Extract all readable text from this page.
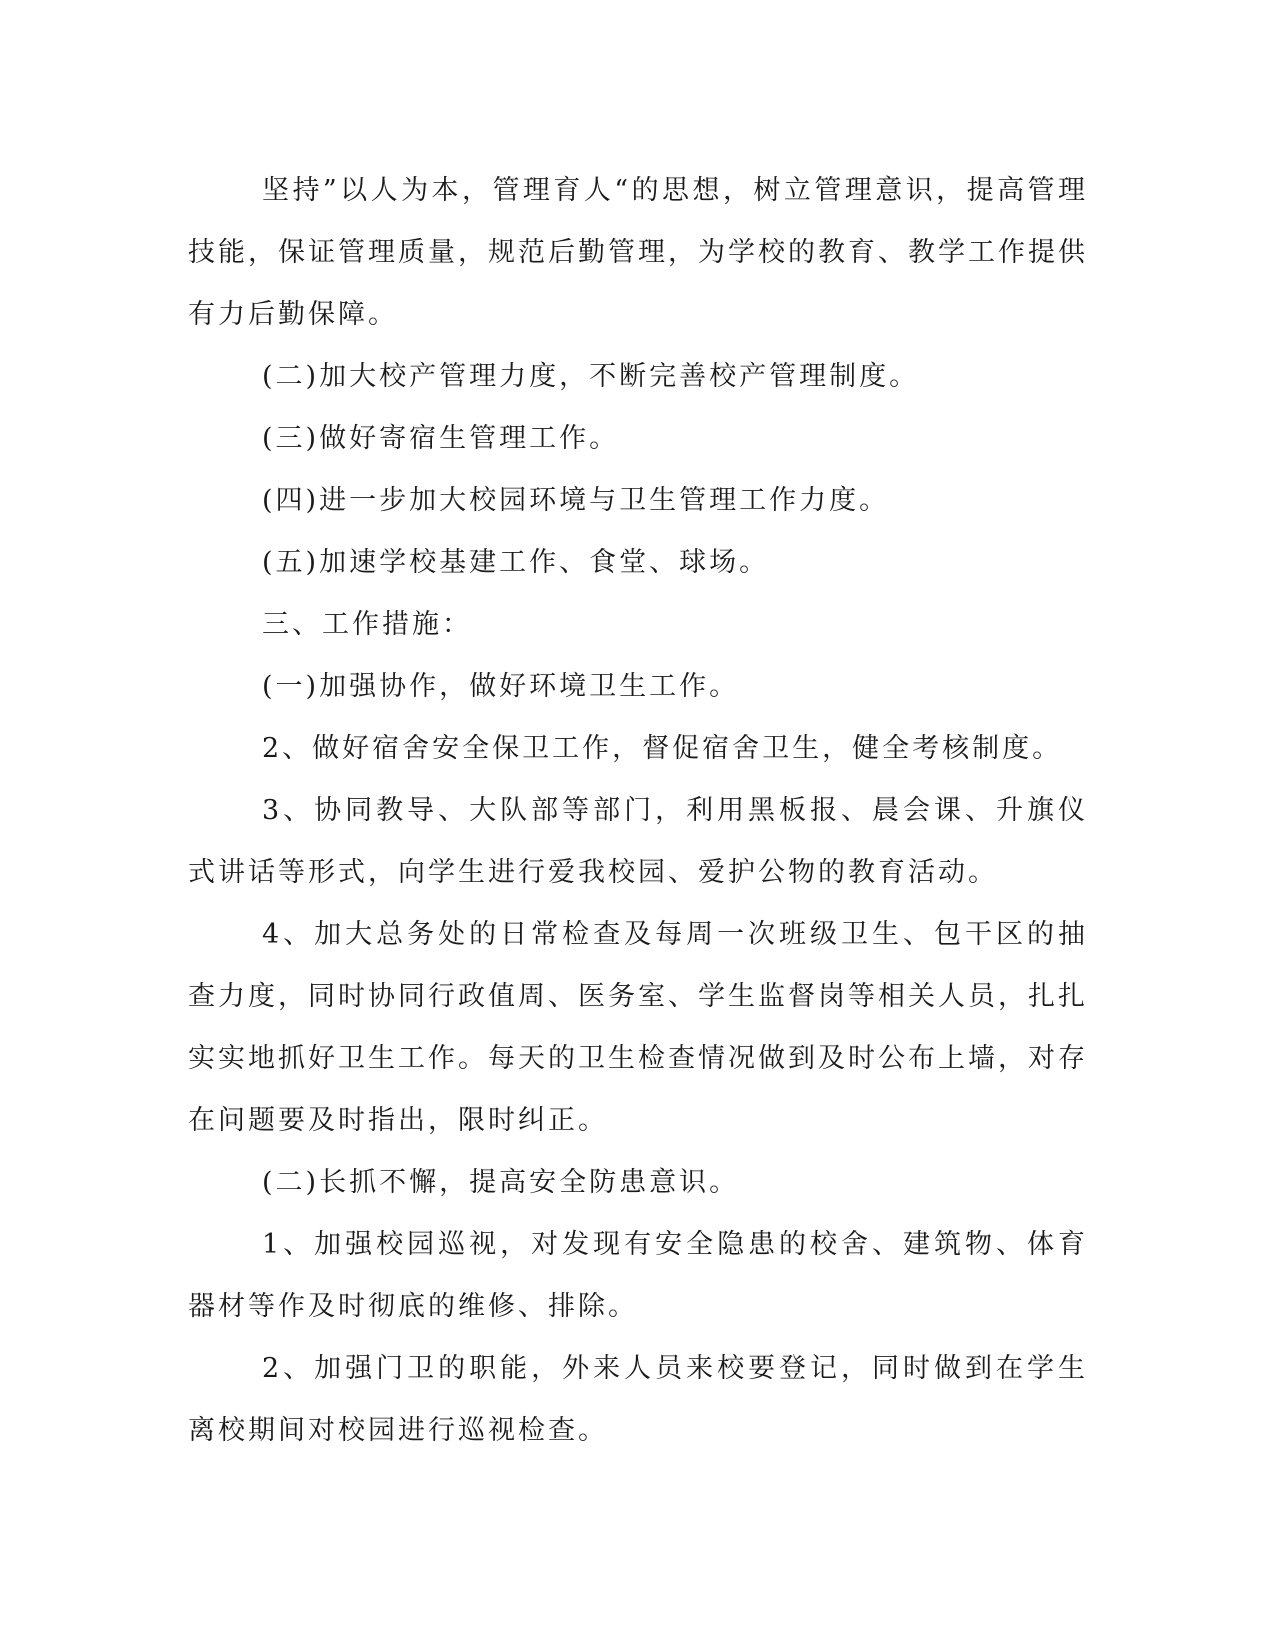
坚持”以人为本，管理育人“的思想，树立管理意识，提高管理技能，保证管理质量，规范后勤管理，为学校的教育、教学工作提供有力后勤保障。

(二)加大校产管理力度，不断完善校产管理制度。

(三)做好寄宿生管理工作。

(四)进一步加大校园环境与卫生管理工作力度。

(五)加速学校基建工作、食堂、球场。

三、工作措施：

(一)加强协作，做好环境卫生工作。

2、做好宿舍安全保卫工作，督促宿舍卫生，健全考核制度。

3、协同教导、大队部等部门，利用黑板报、晨会课、升旗仪式讲话等形式，向学生进行爱我校园、爱护公物的教育活动。

4、加大总务处的日常检查及每周一次班级卫生、包干区的抽查力度，同时协同行政值周、医务室、学生监督岗等相关人员，扎扎实实地抓好卫生工作。每天的卫生检查情况做到及时公布上墙，对存在问题要及时指出，限时纠正。

(二)长抓不懈，提高安全防患意识。

1、加强校园巡视，对发现有安全隐患的校舍、建筑物、体育器材等作及时彻底的维修、排除。

2、加强门卫的职能，外来人员来校要登记，同时做到在学生离校期间对校园进行巡视检查。
